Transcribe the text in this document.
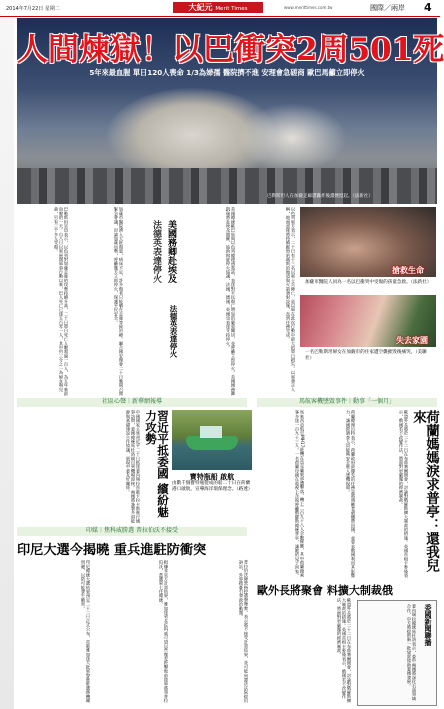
2014年7月22日 星期二	大紀元 Merit Times	www.merittimes.com.tw	國際／兩岸 4
人間煉獄！以巴衝突2周501死
5年來最血腥 單日120人喪命 1/3為婦孺 醫院擠不進 安理會急磋商 歐巴馬籲立即停火
巴勒斯坦人在加薩走廊遭轟炸後濃煙竄起。（法新社）
巴勒斯坦官員表示，以色列對加薩走廊的攻勢持續升高，二十日單日死亡人數超過一百人，為五年來最血腥的一天。自八日以軍展開軍事行動以來，巴人死亡已達五百零一人，其中約三分之一為婦女與兒童，另有三千多人受傷。	加薩市醫院湧入大批傷患，病床不足，許多傷者只能躺在走廊等候治療。聯合國安理會二十日晚間召開緊急會議，討論加薩局勢，呼籲雙方立即停火，保護平民安全。	美國總統歐巴馬與以色列總理通電話，表達對平民傷亡增加的嚴重關切，並呼籲立即停火。美國國務卿凱瑞將赴埃及開羅，協助斡旋停火協議，法國、德國、英國也表達支持停火。	以色列軍方表示，二十日有十三名以軍士兵陣亡，是以軍在此次行動中最大的單日損失。以軍發言人稱，地面部隊將持續摧毀哈瑪斯的地道與火箭發射設施，直到任務完成。
美國務卿赴埃及
法德英表達停火
法德英表達停火
搶救生命
加薩市醫院人員為一名以巴衝突中受傷的孩童急救。（法新社）
失去家園
一名巴勒斯坦婦女在加薩市的住家遭空襲摧毀後痛哭。（美聯社）
社區心聲｜新華網報導
習近平抵委國 繽紛魅力攻勢
中國國家主席習近平二十日抵達委內瑞拉首都卡拉卡斯進行國事訪問，委國總統馬杜洛親自到機場迎接。兩國將簽署多項能源與基礎建設合作協議，展現中委友好關係。	寶特瓶船 啟航
由數千個寶特瓶製成的船二十日在荷蘭港口啟航，宣導海洋環保理念。（路透）
印媒｜焦科威勝選 普拉伯沃不接受
印尼大選今揭曉 重兵進駐防衝突
印尼總統大選結果預定二十二日正式公布，首都雅加達大批軍警進駐選務機關周邊，以防可能發生衝突。	根據非官方計票結果，雅加達省長佐科威可望以些微差距擊敗前陸軍將領普拉伯沃，當選第七任總統。	普拉伯沃陣營指控選舉舞弊，表示將不接受計票結果，並可能向憲法法院提出訴訟，外界擔憂引發政治動盪。
馬航客機墜毀事件｜動事「一個月」
荷蘭媽媽淚求普亭：還我兒來
馬來西亞航空MH17班機在烏克蘭東部遭擊落，機上二百九十八人全數罹難，其中荷蘭籍乘客多達一百九十三人。一名荷蘭母親在電視上含淚呼籲俄羅斯總統普亭，讓她的兒子回家。	荷蘭總理呂特表示，荷蘭政府最優先的任務是將遇難者遺體帶回國，並要求俄國利用其影響力，讓國際調查人員能夠安全進入墜機現場。	歐盟外長將於二十二日在布魯塞爾開會，討論對俄羅斯擴大制裁的措施。英國首相卡麥隆表示，俄國若不改變作法，將面對更嚴厲的經濟制裁。
歐外長將聚會 料擴大制裁俄
歐盟外長將於二十二日在布魯塞爾開會，討論對俄羅斯擴大制裁的措施。英國首相卡麥隆表示，俄國若不改變作法，將面對更嚴厲的經濟制裁。	委國新聞聯播
委內瑞拉總統馬杜洛表示，委中兩國將深化石油領域合作，中方將提供新一批貸款協助委國發展。
